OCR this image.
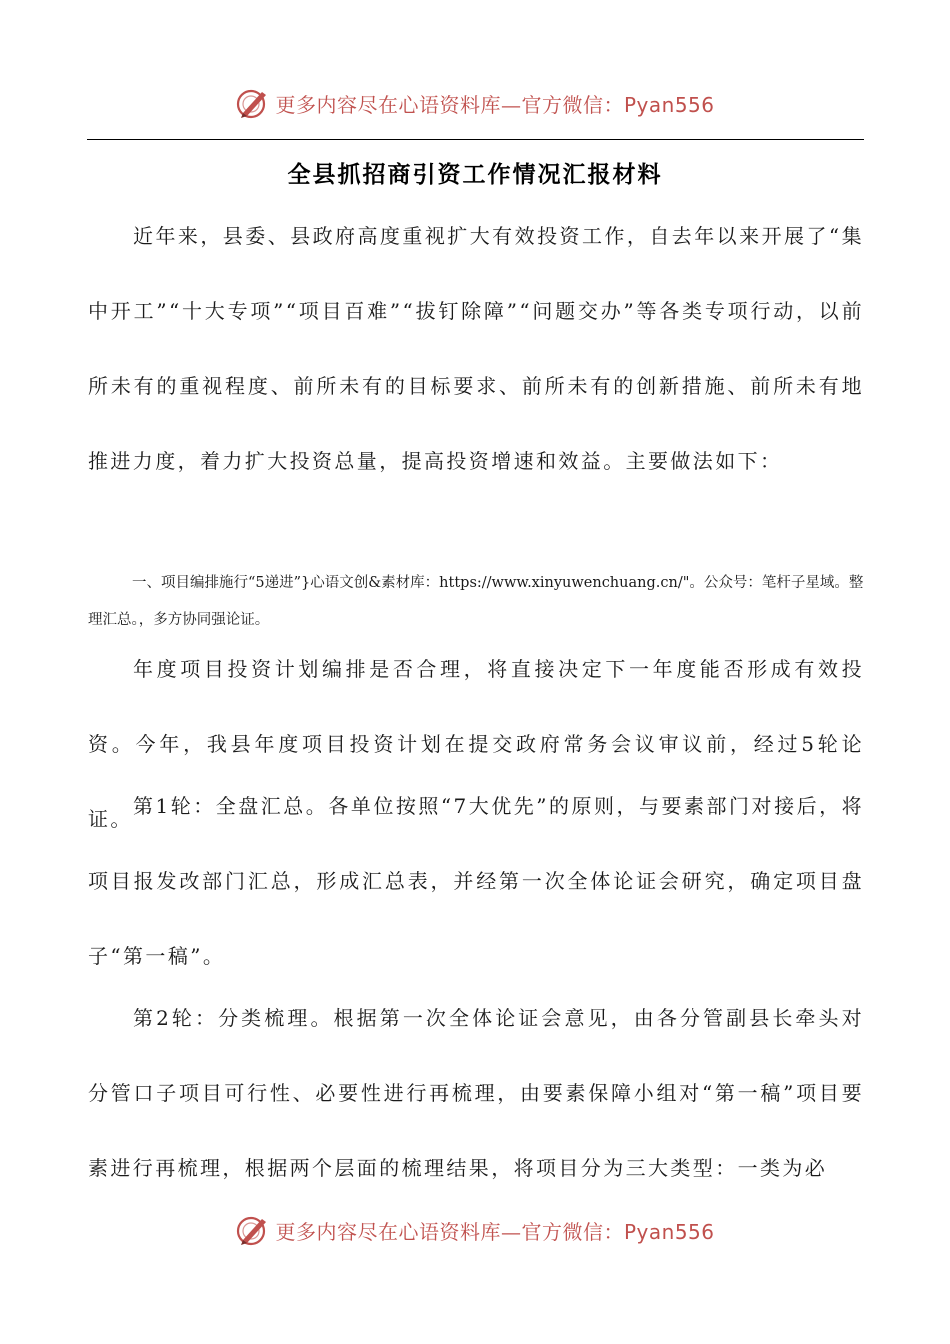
更多内容尽在心语资料库—官方微信：Pyan556
全县抓招商引资工作情况汇报材料

近年来，县委、县政府高度重视扩大有效投资工作，自去年以来开展了“集中开工”“十大专项”“项目百难”“拔钉除障”“问题交办”等各类专项行动，以前所未有的重视程度、前所未有的目标要求、前所未有的创新措施、前所未有地推进力度，着力扩大投资总量，提高投资增速和效益。主要做法如下：

一、项目编排施行“5递进”}心语文创&素材库：https://www.xinyuwenchuang.cn/"。公众号：笔杆子星域。整理汇总。，多方协同强论证。

年度项目投资计划编排是否合理，将直接决定下一年度能否形成有效投资。今年，我县年度项目投资计划在提交政府常务会议审议前，经过5轮论证。

第1轮：全盘汇总。各单位按照“7大优先”的原则，与要素部门对接后，将项目报发改部门汇总，形成汇总表，并经第一次全体论证会研究，确定项目盘子“第一稿”。

第2轮：分类梳理。根据第一次全体论证会意见，由各分管副县长牵头对分管口子项目可行性、必要性进行再梳理，由要素保障小组对“第一稿”项目要素进行再梳理，根据两个层面的梳理结果，将项目分为三大类型：一类为必

更多内容尽在心语资料库—官方微信：Pyan556
